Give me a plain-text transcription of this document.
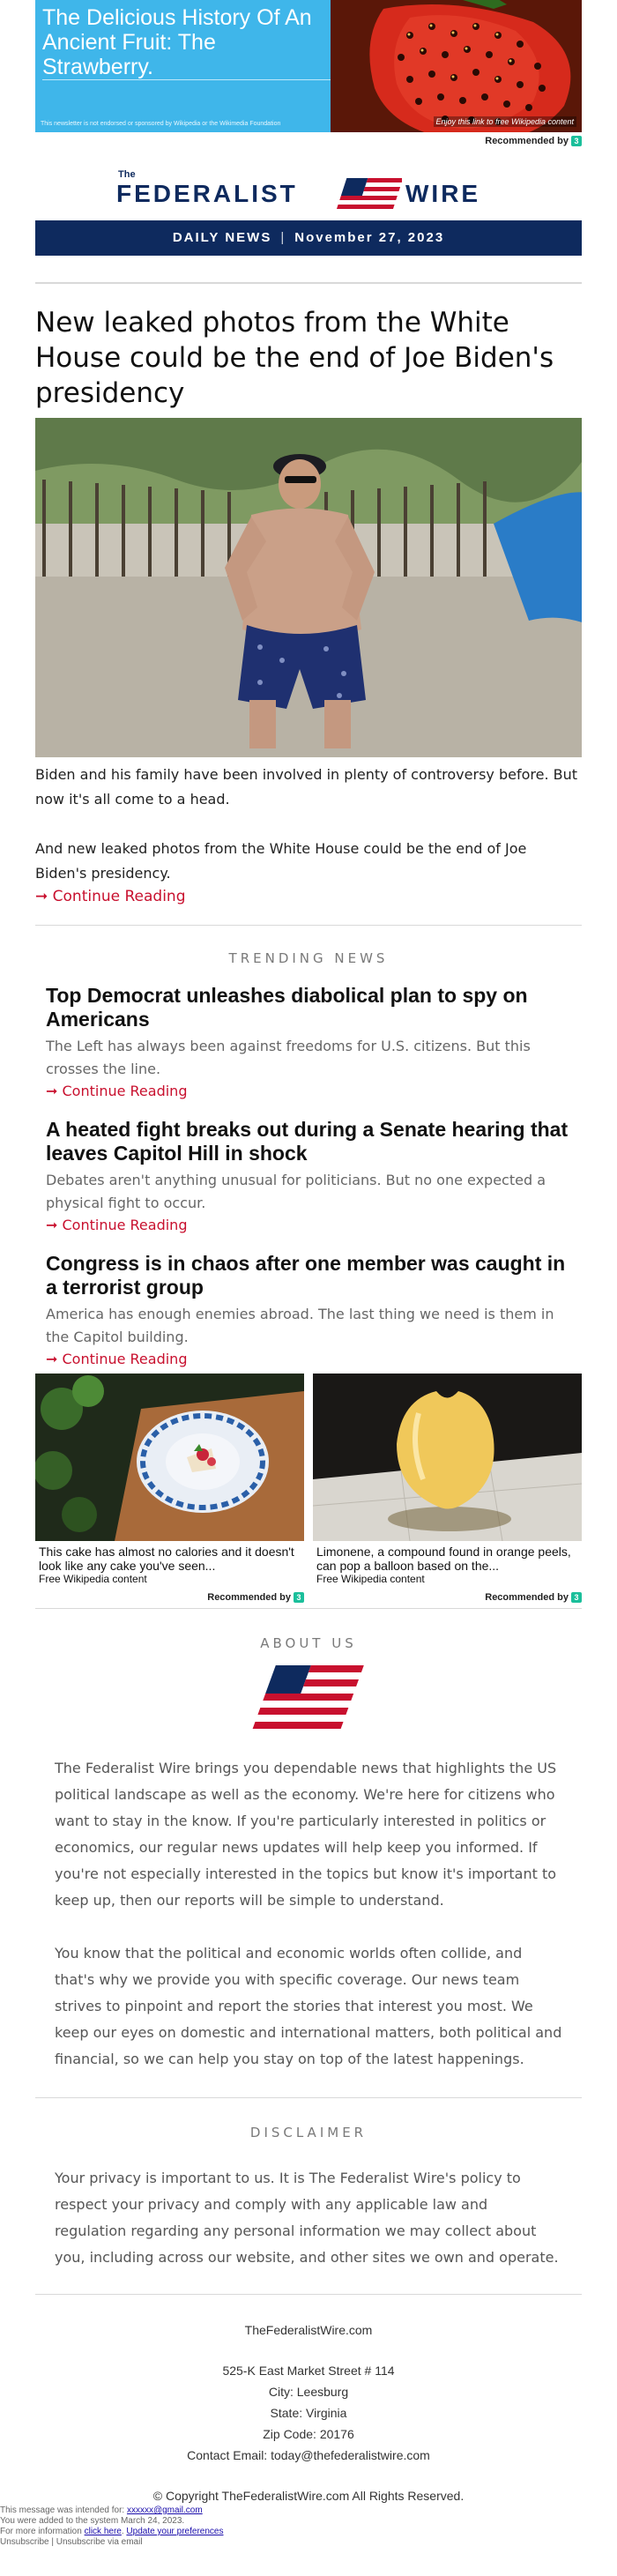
The Delicious History Of An Ancient Fruit: The Strawberry.
This newsletter is not endorsed or sponsored by Wikipedia or the Wikimedia Foundation	Enjoy this link to free Wikipedia content
Recommended by 3
The
FEDERALIST	WIRE
DAILY NEWS | November 27, 2023
New leaked photos from the White House could be the end of Joe Biden's presidency

Biden and his family have been involved in plenty of controversy before. But now it's all come to a head.

And new leaked photos from the White House could be the end of Joe Biden's presidency.

➞ Continue Reading
TRENDING NEWS
Top Democrat unleashes diabolical plan to spy on Americans

The Left has always been against freedoms for U.S. citizens. But this crosses the line.

➞ Continue Reading
A heated fight breaks out during a Senate hearing that leaves Capitol Hill in shock

Debates aren't anything unusual for politicians. But no one expected a physical fight to occur.

➞ Continue Reading
Congress is in chaos after one member was caught in a terrorist group

America has enough enemies abroad. The last thing we need is them in the Capitol building.

➞ Continue Reading
This cake has almost no calories and it doesn't look like any cake you've seen...
Free Wikipedia content
Recommended by 3
Limonene, a compound found in orange peels, can pop a balloon based on the...
Free Wikipedia content
Recommended by 3
ABOUT US

The Federalist Wire brings you dependable news that highlights the US political landscape as well as the economy. We're here for citizens who want to stay in the know. If you're particularly interested in politics or economics, our regular news updates will help keep you informed. If you're not especially interested in the topics but know it's important to keep up, then our reports will be simple to understand.

You know that the political and economic worlds often collide, and that's why we provide you with specific coverage. Our news team strives to pinpoint and report the stories that interest you most. We keep our eyes on domestic and international matters, both political and financial, so we can help you stay on top of the latest happenings.

DISCLAIMER

Your privacy is important to us. It is The Federalist Wire's policy to respect your privacy and comply with any applicable law and regulation regarding any personal information we may collect about you, including across our website, and other sites we own and operate.

TheFederalistWire.com
525-K East Market Street # 114
City: Leesburg
State: Virginia
Zip Code: 20176
Contact Email: today@thefederalistwire.com
© Copyright TheFederalistWire.com All Rights Reserved.
This message was intended for: xxxxxx@gmail.com
You were added to the system March 24, 2023.
For more information click here. Update your preferences
Unsubscribe | Unsubscribe via email
